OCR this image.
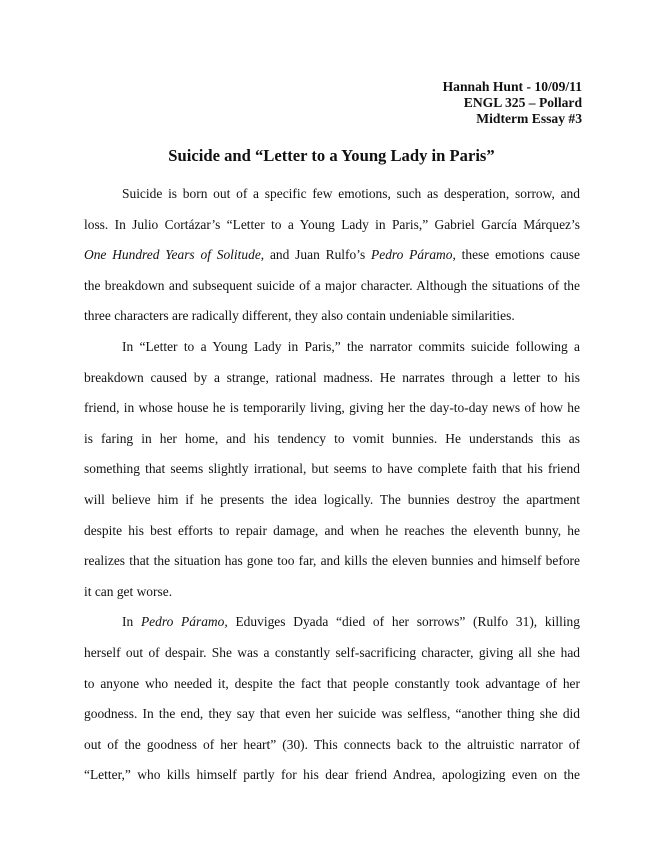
Hannah Hunt - 10/09/11
ENGL 325 – Pollard
Midterm Essay #3
Suicide and “Letter to a Young Lady in Paris”
Suicide is born out of a specific few emotions, such as desperation, sorrow, and
loss. In Julio Cortázar’s “Letter to a Young Lady in Paris,” Gabriel García Márquez’s
One Hundred Years of Solitude, and Juan Rulfo’s Pedro Páramo, these emotions cause
the breakdown and subsequent suicide of a major character. Although the situations of the
three characters are radically different, they also contain undeniable similarities.
In “Letter to a Young Lady in Paris,” the narrator commits suicide following a
breakdown caused by a strange, rational madness. He narrates through a letter to his
friend, in whose house he is temporarily living, giving her the day-to-day news of how he
is faring in her home, and his tendency to vomit bunnies. He understands this as
something that seems slightly irrational, but seems to have complete faith that his friend
will believe him if he presents the idea logically. The bunnies destroy the apartment
despite his best efforts to repair damage, and when he reaches the eleventh bunny, he
realizes that the situation has gone too far, and kills the eleven bunnies and himself before
it can get worse.
In Pedro Páramo, Eduviges Dyada “died of her sorrows” (Rulfo 31), killing
herself out of despair. She was a constantly self-sacrificing character, giving all she had
to anyone who needed it, despite the fact that people constantly took advantage of her
goodness. In the end, they say that even her suicide was selfless, “another thing she did
out of the goodness of her heart” (30). This connects back to the altruistic narrator of
“Letter,” who kills himself partly for his dear friend Andrea, apologizing even on the
